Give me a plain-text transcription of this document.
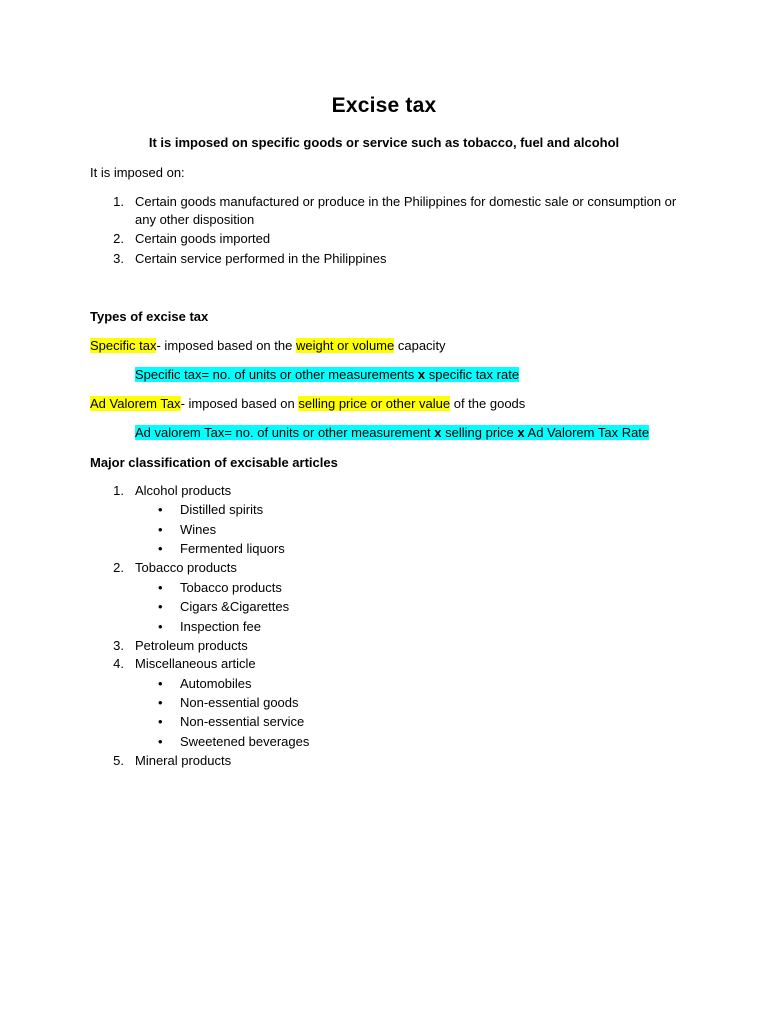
Excise tax
It is imposed on specific goods or service such as tobacco, fuel and alcohol
It is imposed on:
1. Certain goods manufactured or produce in the Philippines for domestic sale or consumption or
any other disposition
2. Certain goods imported
3. Certain service performed in the Philippines
Types of excise tax
Specific tax- imposed based on the weight or volume capacity
Specific tax= no. of units or other measurements x specific tax rate
Ad Valorem Tax- imposed based on selling price or other value of the goods
Ad valorem Tax= no. of units or other measurement x selling price x Ad Valorem Tax Rate
Major classification of excisable articles
1. Alcohol products
• Distilled spirits
• Wines
• Fermented liquors
2. Tobacco products
• Tobacco products
• Cigars &Cigarettes
• Inspection fee
3. Petroleum products
4. Miscellaneous article
• Automobiles
• Non-essential goods
• Non-essential service
• Sweetened beverages
5. Mineral products
